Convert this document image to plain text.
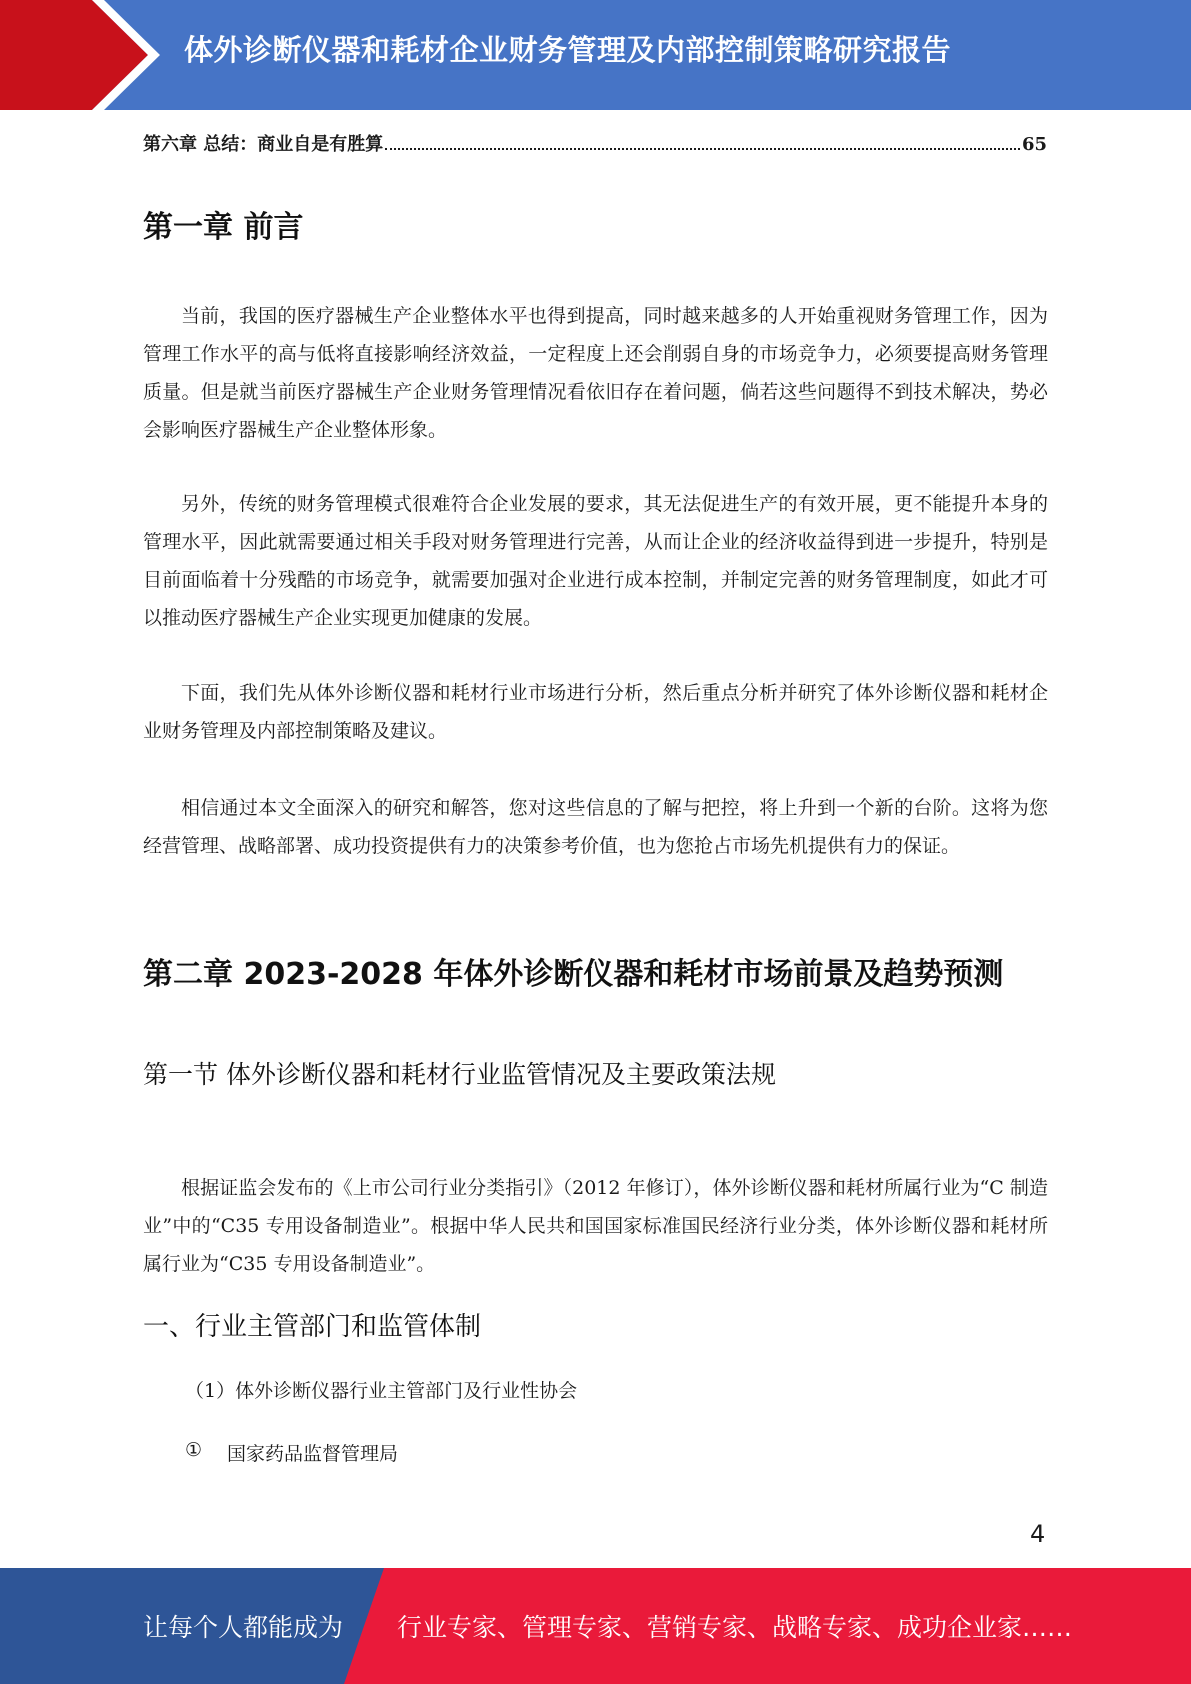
体外诊断仪器和耗材企业财务管理及内部控制策略研究报告
第六章 总结：商业自是有胜算	65
第一章 前言

当前，我国的医疗器械生产企业整体水平也得到提高，同时越来越多的人开始重视财务管理工作，因为管理工作水平的高与低将直接影响经济效益，一定程度上还会削弱自身的市场竞争力，必须要提高财务管理质量。但是就当前医疗器械生产企业财务管理情况看依旧存在着问题，倘若这些问题得不到技术解决，势必会影响医疗器械生产企业整体形象。

另外，传统的财务管理模式很难符合企业发展的要求，其无法促进生产的有效开展，更不能提升本身的管理水平，因此就需要通过相关手段对财务管理进行完善，从而让企业的经济收益得到进一步提升，特别是目前面临着十分残酷的市场竞争，就需要加强对企业进行成本控制，并制定完善的财务管理制度，如此才可以推动医疗器械生产企业实现更加健康的发展。

下面，我们先从体外诊断仪器和耗材行业市场进行分析，然后重点分析并研究了体外诊断仪器和耗材企业财务管理及内部控制策略及建议。

相信通过本文全面深入的研究和解答，您对这些信息的了解与把控，将上升到一个新的台阶。这将为您经营管理、战略部署、成功投资提供有力的决策参考价值，也为您抢占市场先机提供有力的保证。

第二章 2023-2028 年体外诊断仪器和耗材市场前景及趋势预测
第一节 体外诊断仪器和耗材行业监管情况及主要政策法规

根据证监会发布的《上市公司行业分类指引》（2012 年修订），体外诊断仪器和耗材所属行业为“C 制造业”中的“C35 专用设备制造业”。根据中华人民共和国国家标准国民经济行业分类，体外诊断仪器和耗材所属行业为“C35 专用设备制造业”。

一、行业主管部门和监管体制
（1）体外诊断仪器行业主管部门及行业性协会
① 国家药品监督管理局
4
让每个人都能成为 行业专家、管理专家、营销专家、战略专家、成功企业家……
